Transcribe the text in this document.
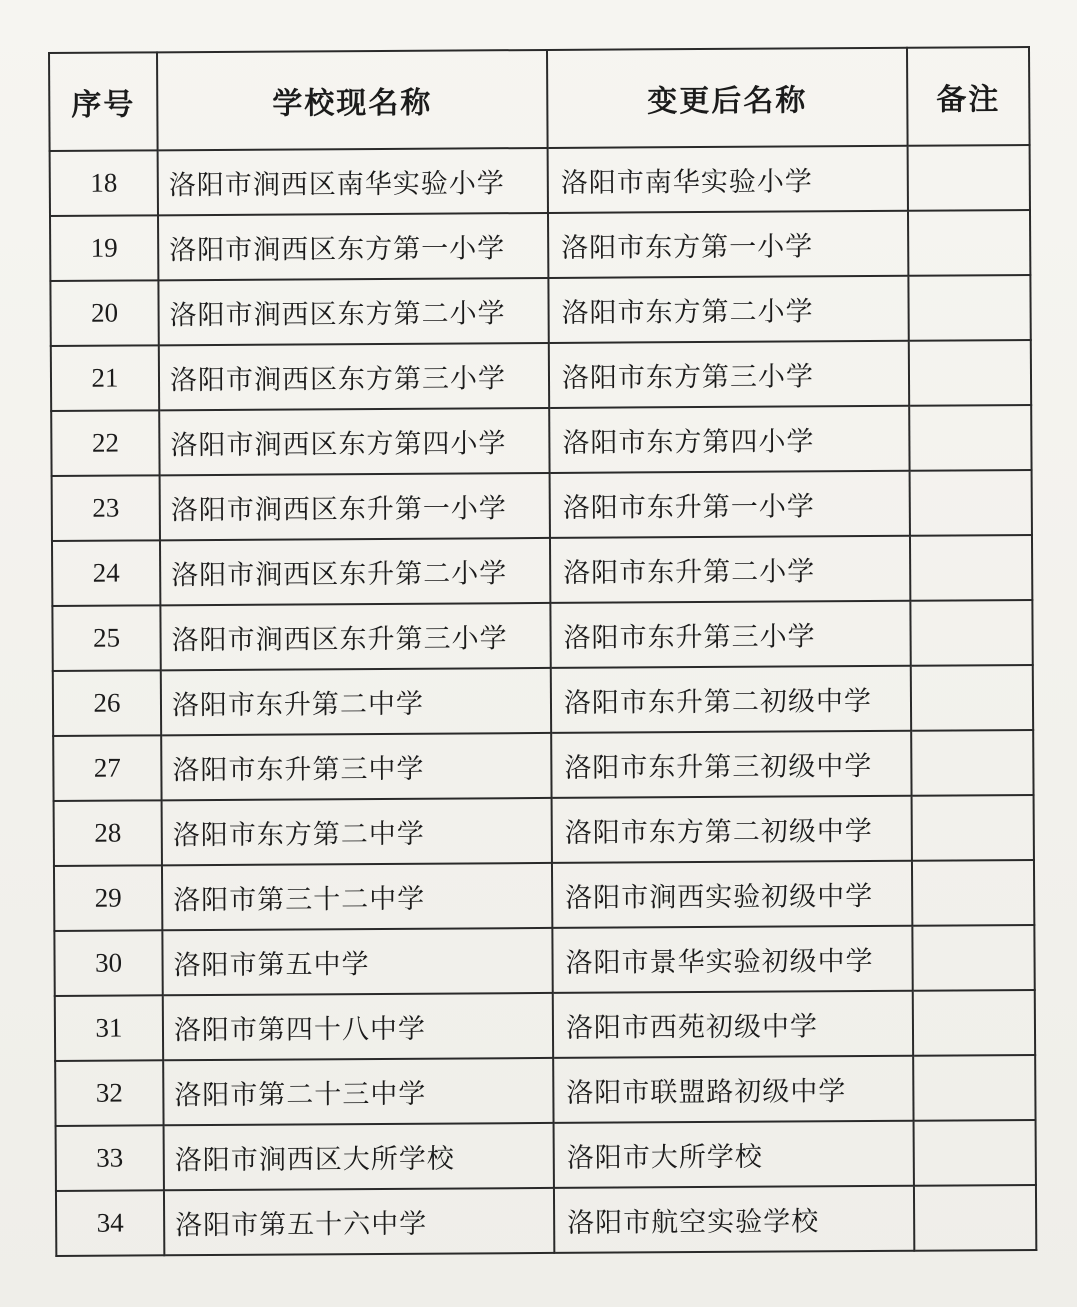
序号	学校现名称	变更后名称	备注
18	洛阳市涧西区南华实验小学	洛阳市南华实验小学	
19	洛阳市涧西区东方第一小学	洛阳市东方第一小学	
20	洛阳市涧西区东方第二小学	洛阳市东方第二小学	
21	洛阳市涧西区东方第三小学	洛阳市东方第三小学	
22	洛阳市涧西区东方第四小学	洛阳市东方第四小学	
23	洛阳市涧西区东升第一小学	洛阳市东升第一小学	
24	洛阳市涧西区东升第二小学	洛阳市东升第二小学	
25	洛阳市涧西区东升第三小学	洛阳市东升第三小学	
26	洛阳市东升第二中学	洛阳市东升第二初级中学	
27	洛阳市东升第三中学	洛阳市东升第三初级中学	
28	洛阳市东方第二中学	洛阳市东方第二初级中学	
29	洛阳市第三十二中学	洛阳市涧西实验初级中学	
30	洛阳市第五中学	洛阳市景华实验初级中学	
31	洛阳市第四十八中学	洛阳市西苑初级中学	
32	洛阳市第二十三中学	洛阳市联盟路初级中学	
33	洛阳市涧西区大所学校	洛阳市大所学校	
34	洛阳市第五十六中学	洛阳市航空实验学校	
